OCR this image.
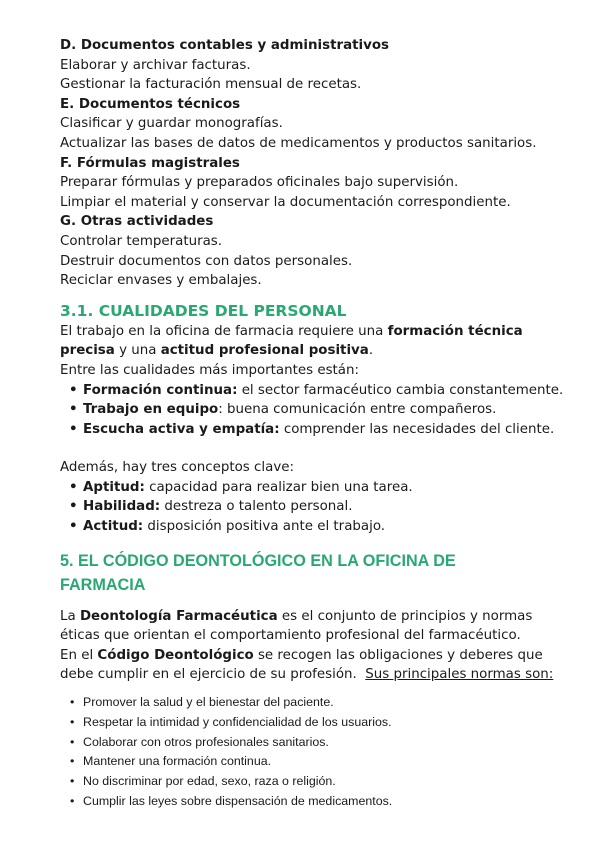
D. Documentos contables y administrativos

Elaborar y archivar facturas.

Gestionar la facturación mensual de recetas.

E. Documentos técnicos

Clasificar y guardar monografías.

Actualizar las bases de datos de medicamentos y productos sanitarios.

F. Fórmulas magistrales

Preparar fórmulas y preparados oficinales bajo supervisión.

Limpiar el material y conservar la documentación correspondiente.

G. Otras actividades

Controlar temperaturas.

Destruir documentos con datos personales.

Reciclar envases y embalajes.

3.1. CUALIDADES DEL PERSONAL

El trabajo en la oficina de farmacia requiere una formación técnica

precisa y una actitud profesional positiva.

Entre las cualidades más importantes están:

• Formación continua: el sector farmacéutico cambia constantemente.
• Trabajo en equipo: buena comunicación entre compañeros.
• Escucha activa y empatía: comprender las necesidades del cliente.

Además, hay tres conceptos clave:

• Aptitud: capacidad para realizar bien una tarea.
• Habilidad: destreza o talento personal.
• Actitud: disposición positiva ante el trabajo.
5. EL CÓDIGO DEONTOLÓGICO EN LA OFICINA DE FARMACIA

La Deontología Farmacéutica es el conjunto de principios y normas

éticas que orientan el comportamiento profesional del farmacéutico.

En el Código Deontológico se recogen las obligaciones y deberes que

debe cumplir en el ejercicio de su profesión.  Sus principales normas son:

• Promover la salud y el bienestar del paciente.
• Respetar la intimidad y confidencialidad de los usuarios.
• Colaborar con otros profesionales sanitarios.
• Mantener una formación continua.
• No discriminar por edad, sexo, raza o religión.
• Cumplir las leyes sobre dispensación de medicamentos.
